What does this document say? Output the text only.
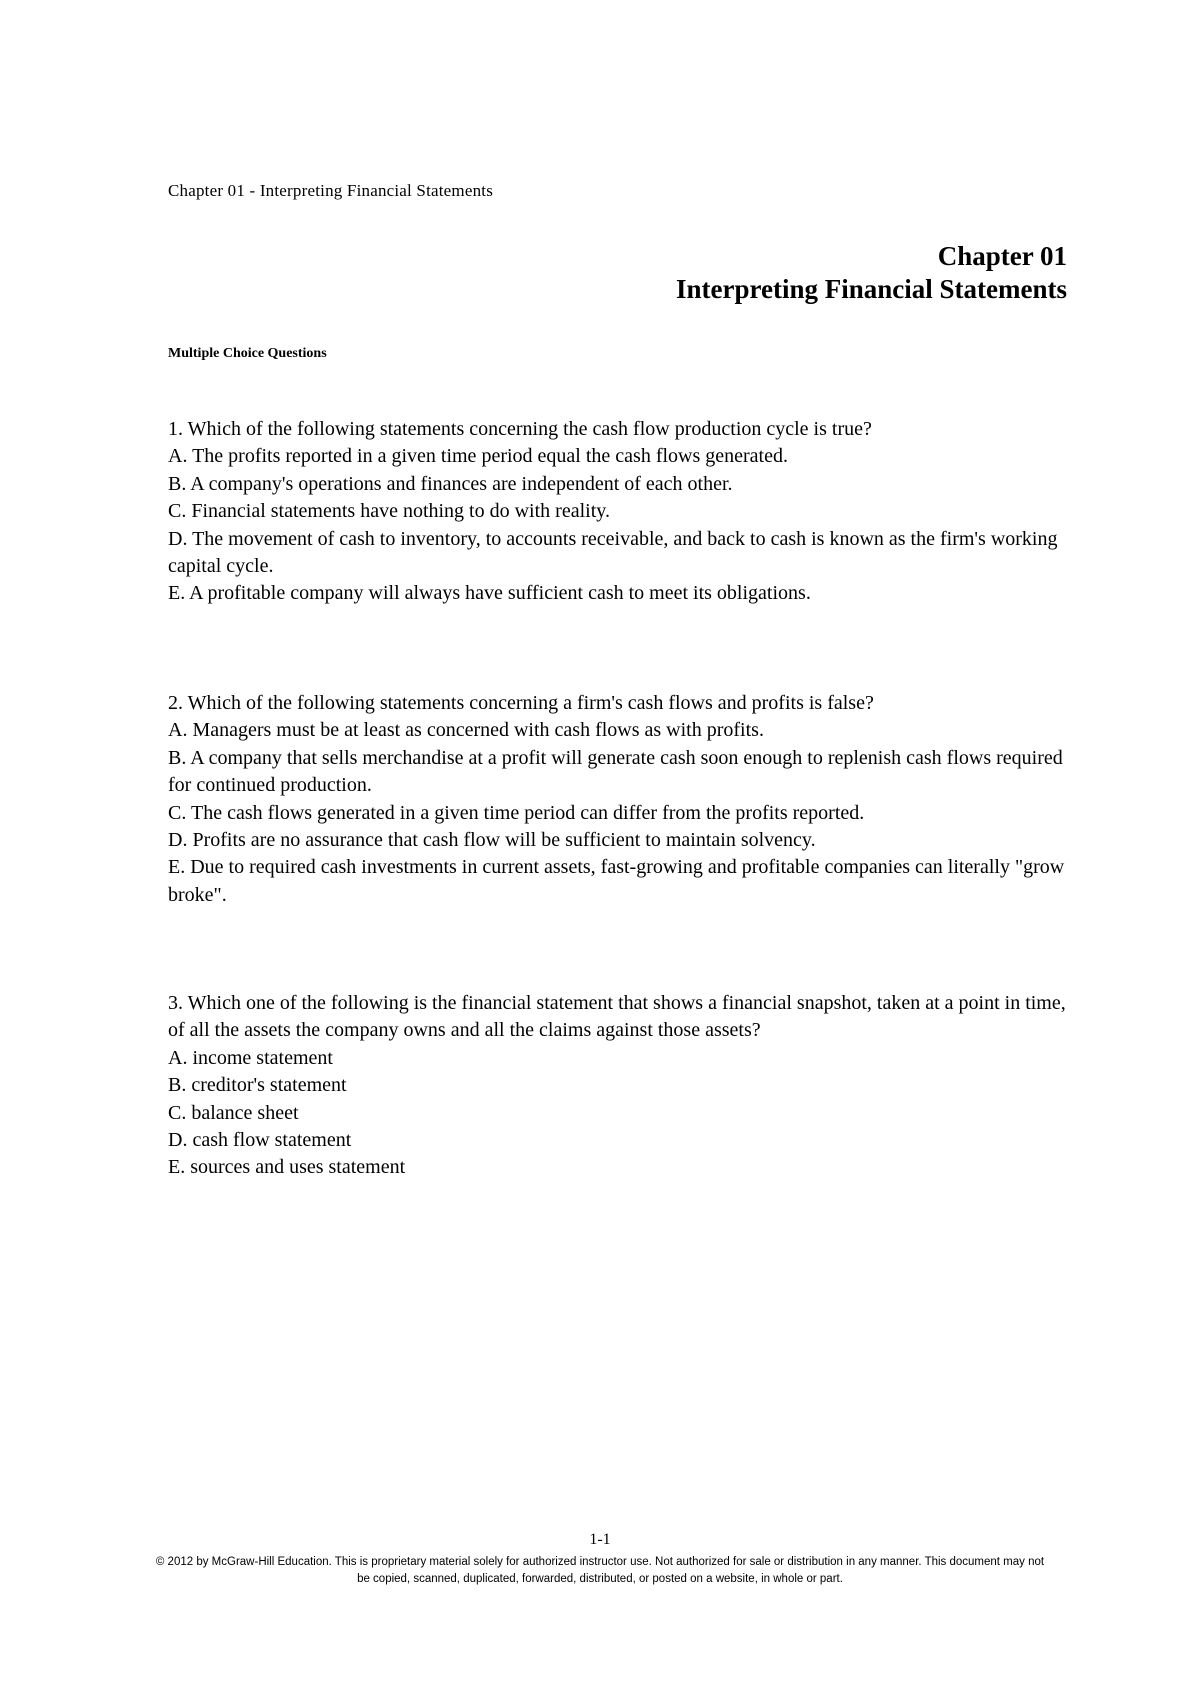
Chapter 01 - Interpreting Financial Statements
Chapter 01
Interpreting Financial Statements
Multiple Choice Questions

1. Which of the following statements concerning the cash flow production cycle is true?

A. The profits reported in a given time period equal the cash flows generated.

B. A company's operations and finances are independent of each other.

C. Financial statements have nothing to do with reality.

D. The movement of cash to inventory, to accounts receivable, and back to cash is known as the firm's working capital cycle.

E. A profitable company will always have sufficient cash to meet its obligations.

2. Which of the following statements concerning a firm's cash flows and profits is false?

A. Managers must be at least as concerned with cash flows as with profits.

B. A company that sells merchandise at a profit will generate cash soon enough to replenish cash flows required for continued production.

C. The cash flows generated in a given time period can differ from the profits reported.

D. Profits are no assurance that cash flow will be sufficient to maintain solvency.

E. Due to required cash investments in current assets, fast-growing and profitable companies can literally "grow broke".

3. Which one of the following is the financial statement that shows a financial snapshot, taken at a point in time, of all the assets the company owns and all the claims against those assets?

A. income statement

B. creditor's statement

C. balance sheet

D. cash flow statement

E. sources and uses statement

1-1
© 2012 by McGraw-Hill Education. This is proprietary material solely for authorized instructor use. Not authorized for sale or distribution in any manner. This document may not be copied, scanned, duplicated, forwarded, distributed, or posted on a website, in whole or part.
